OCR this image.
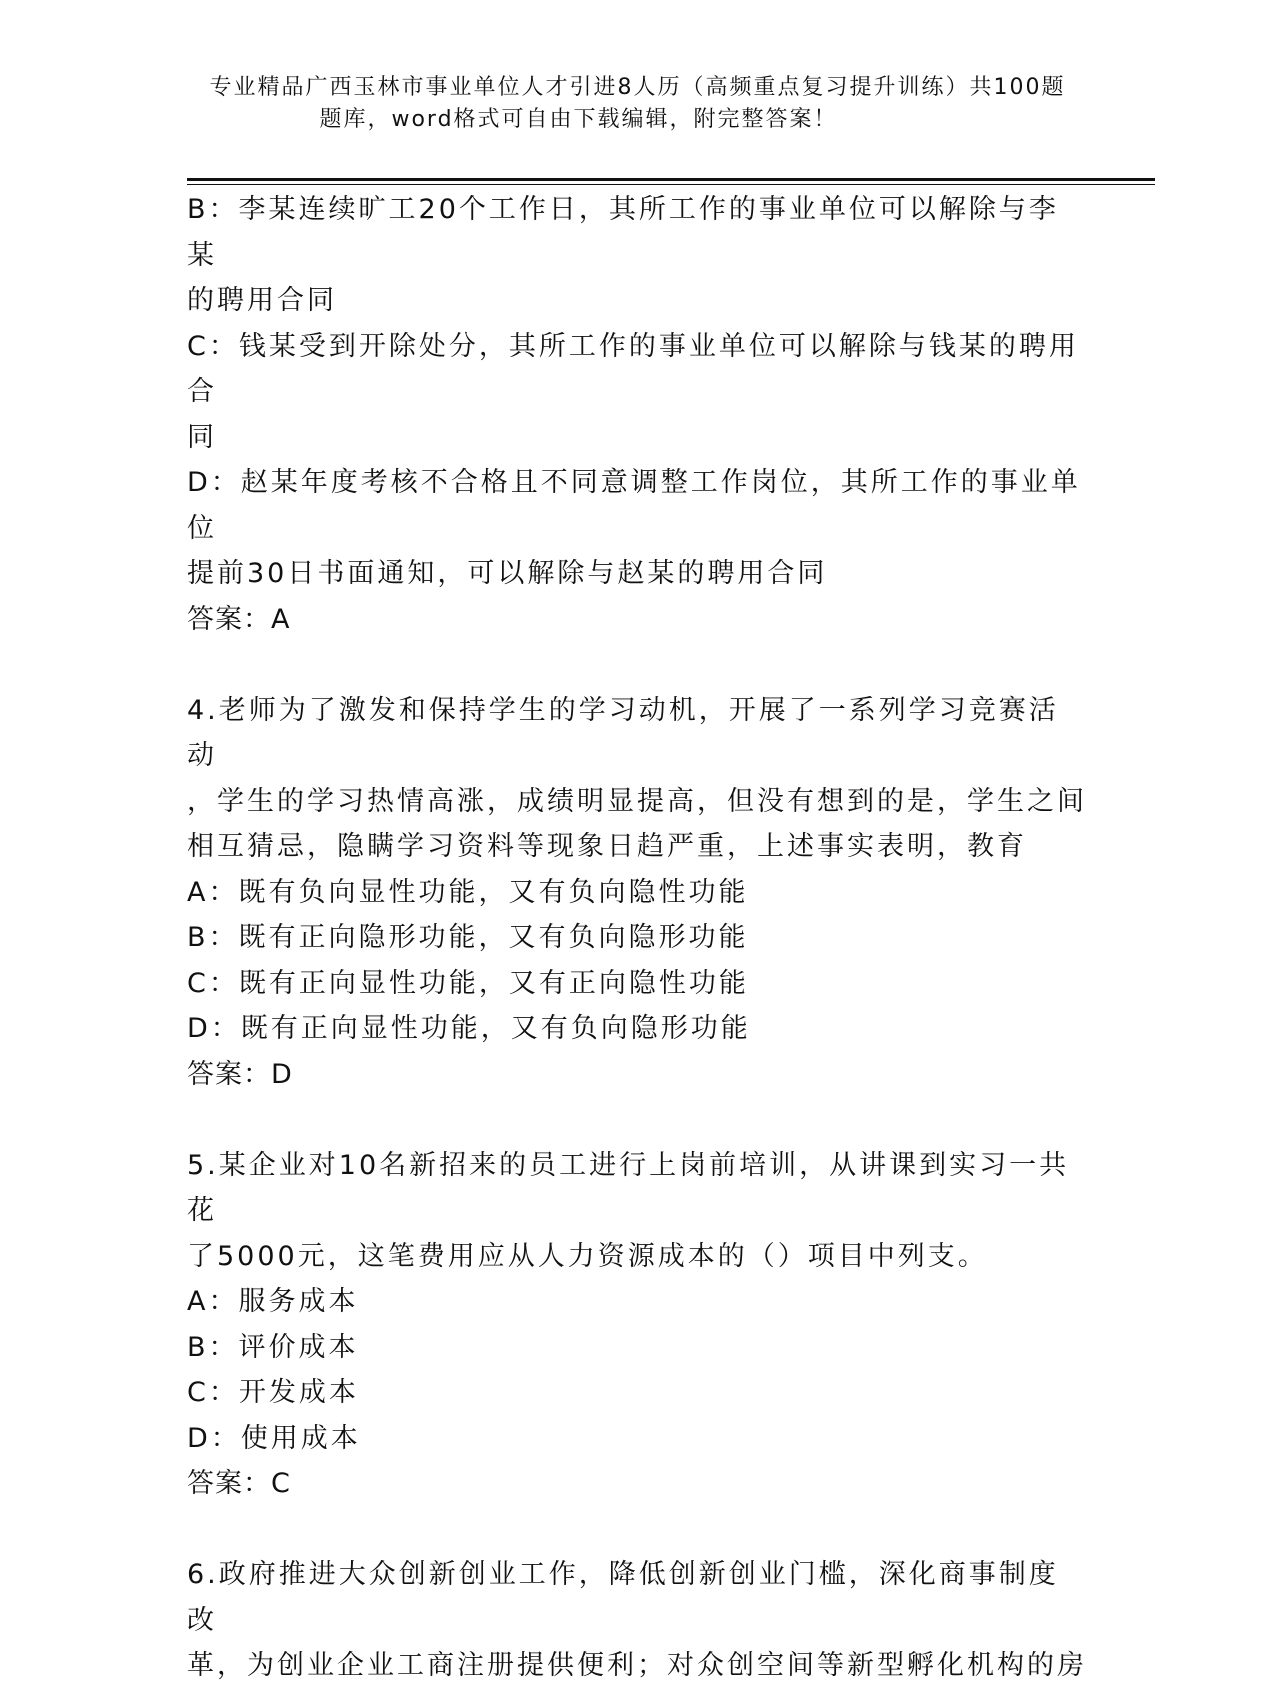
专业精品广西玉林市事业单位人才引进8人历（高频重点复习提升训练）共100题
题库，word格式可自由下载编辑，附完整答案！

B：李某连续旷工20个工作日，其所工作的事业单位可以解除与李某

的聘用合同

C：钱某受到开除处分，其所工作的事业单位可以解除与钱某的聘用合

同

D：赵某年度考核不合格且不同意调整工作岗位，其所工作的事业单位

提前30日书面通知，可以解除与赵某的聘用合同

答案：A

4.老师为了激发和保持学生的学习动机，开展了一系列学习竞赛活动

，学生的学习热情高涨，成绩明显提高，但没有想到的是，学生之间

相互猜忌，隐瞒学习资料等现象日趋严重，上述事实表明，教育

A：既有负向显性功能，又有负向隐性功能

B：既有正向隐形功能，又有负向隐形功能

C：既有正向显性功能，又有正向隐性功能

D：既有正向显性功能，又有负向隐形功能

答案：D

5.某企业对10名新招来的员工进行上岗前培训，从讲课到实习一共花

了5000元，这笔费用应从人力资源成本的（）项目中列支。

A：服务成本

B：评价成本

C：开发成本

D：使用成本

答案：C

6.政府推进大众创新创业工作，降低创新创业门槛，深化商事制度改

革，为创业企业工商注册提供便利；对众创空间等新型孵化机构的房
